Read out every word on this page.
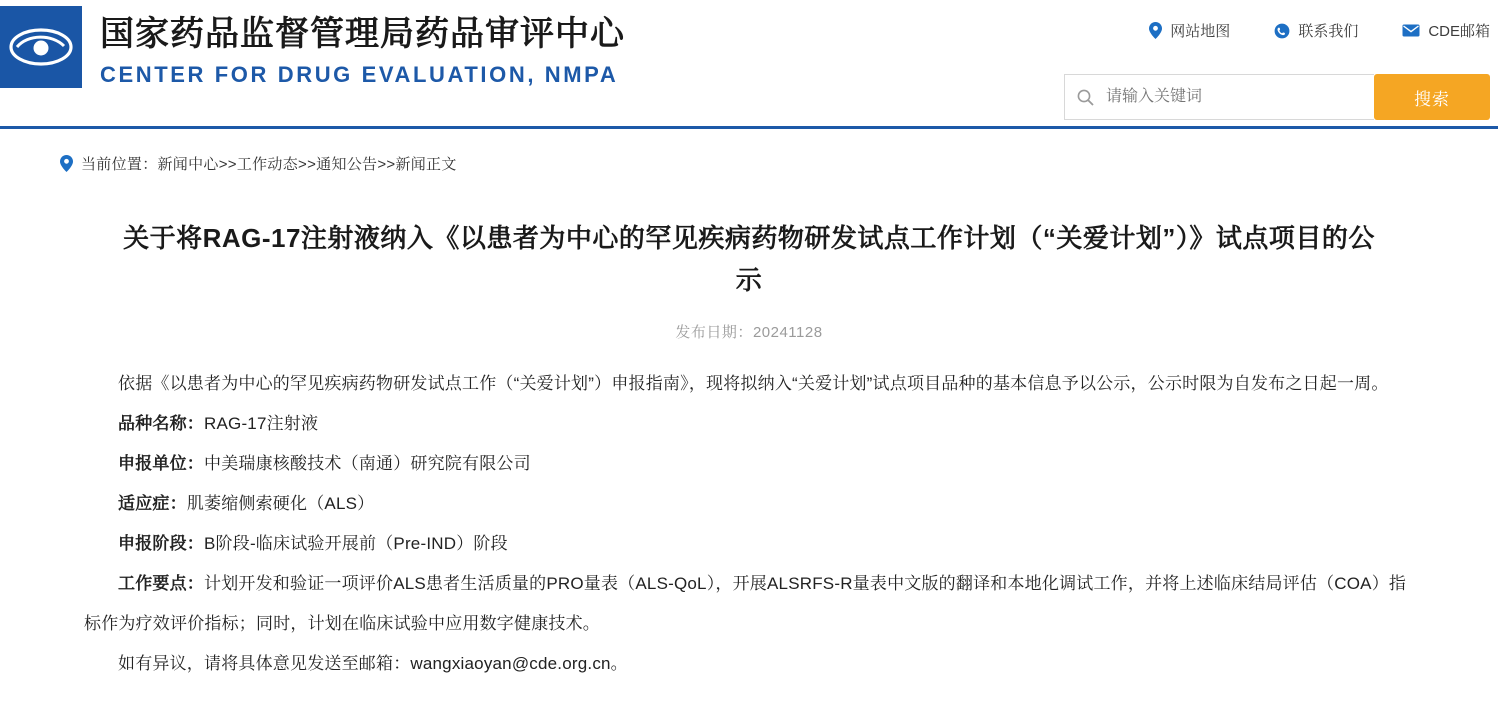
国家药品监督管理局药品审评中心
CENTER FOR DRUG EVALUATION, NMPA
网站地图	联系我们	CDE邮箱
请输入关键词
搜索
当前位置：新闻中心>>工作动态>>通知公告>>新闻正文
关于将RAG-17注射液纳入《以患者为中心的罕见疾病药物研发试点工作计划（“关爱计划”）》试点项目的公示
发布日期：20241128

依据《以患者为中心的罕见疾病药物研发试点工作（“关爱计划”）申报指南》，现将拟纳入“关爱计划”试点项目品种的基本信息予以公示，公示时限为自发布之日起一周。

品种名称：RAG-17注射液

申报单位：中美瑞康核酸技术（南通）研究院有限公司

适应症：肌萎缩侧索硬化（ALS）

申报阶段：B阶段-临床试验开展前（Pre-IND）阶段

工作要点：计划开发和验证一项评价ALS患者生活质量的PRO量表（ALS-QoL），开展ALSRFS-R量表中文版的翻译和本地化调试工作，并将上述临床结局评估（COA）指标作为疗效评价指标；同时，计划在临床试验中应用数字健康技术。

如有异议，请将具体意见发送至邮箱：wangxiaoyan@cde.org.cn。
